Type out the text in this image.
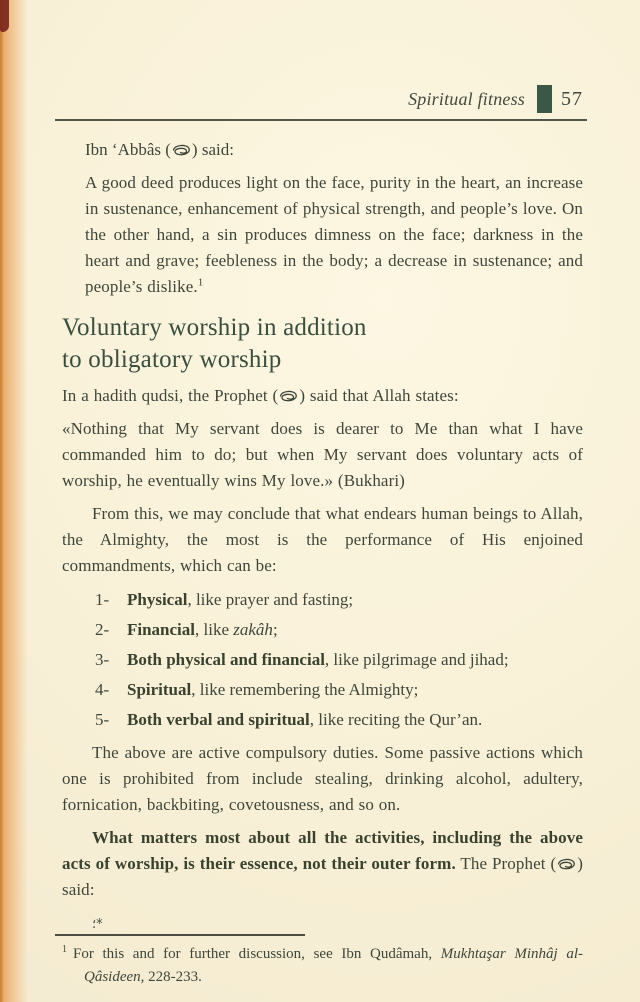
Spiritual fitness 57

Ibn ‘Abbâs ( ) said:

A good deed produces light on the face, purity in the heart, an increase in sustenance, enhancement of physical strength, and people’s love. On the other hand, a sin produces dimness on the face; darkness in the heart and grave; feebleness in the body; a decrease in sustenance; and people’s dislike.$^1$

Voluntary worship in addition
to obligatory worship

In a hadith qudsi, the Prophet ( ) said that Allah states:

«Nothing that My servant does is dearer to Me than what I have commanded him to do; but when My servant does voluntary acts of worship, he eventually wins My love.» (Bukhari)

From this, we may conclude that what endears human beings to Allah, the Almighty, the most is the performance of His enjoined commandments, which can be:

1-	Physical, like prayer and fasting;
2-	Financial, like zakâh;
3-	Both physical and financial, like pilgrimage and jihad;
4-	Spiritual, like remembering the Almighty;
5-	Both verbal and spiritual, like reciting the Qur’an.

The above are active compulsory duties. Some passive actions which one is prohibited from include stealing, drinking alcohol, adultery, fornication, backbiting, covetousness, and so on.

What matters most about all the activities, including the above acts of worship, is their essence, not their outer form. The Prophet ( ) said:

؛*

$^1$ For this and for further discussion, see Ibn Qudâmah, Mukhtaşar Minhâj al-Qâsideen, 228-233.
